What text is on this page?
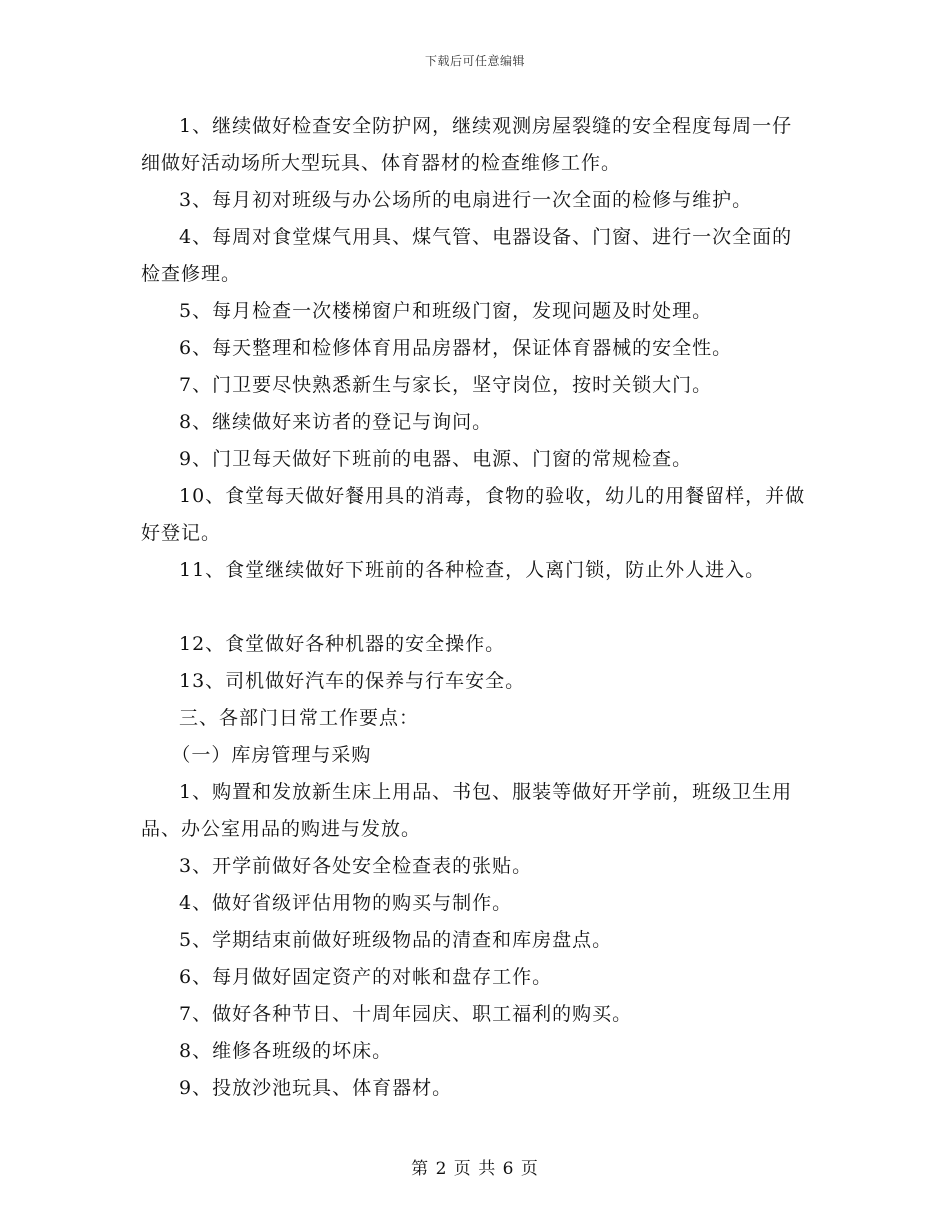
下载后可任意编辑

1、继续做好检查安全防护网，继续观测房屋裂缝的安全程度每周一仔细做好活动场所大型玩具、体育器材的检查维修工作。

3、每月初对班级与办公场所的电扇进行一次全面的检修与维护。

4、每周对食堂煤气用具、煤气管、电器设备、门窗、进行一次全面的检查修理。

5、每月检查一次楼梯窗户和班级门窗，发现问题及时处理。

6、每天整理和检修体育用品房器材，保证体育器械的安全性。

7、门卫要尽快熟悉新生与家长，坚守岗位，按时关锁大门。

8、继续做好来访者的登记与询问。

9、门卫每天做好下班前的电器、电源、门窗的常规检查。

10、食堂每天做好餐用具的消毒，食物的验收，幼儿的用餐留样，并做好登记。

11、食堂继续做好下班前的各种检查，人离门锁，防止外人进入。

12、食堂做好各种机器的安全操作。

13、司机做好汽车的保养与行车安全。

三、各部门日常工作要点：

（一）库房管理与采购

1、购置和发放新生床上用品、书包、服装等做好开学前，班级卫生用品、办公室用品的购进与发放。

3、开学前做好各处安全检查表的张贴。

4、做好省级评估用物的购买与制作。

5、学期结束前做好班级物品的清查和库房盘点。

6、每月做好固定资产的对帐和盘存工作。

7、做好各种节日、十周年园庆、职工福利的购买。

8、维修各班级的坏床。

9、投放沙池玩具、体育器材。

第 2 页 共 6 页
